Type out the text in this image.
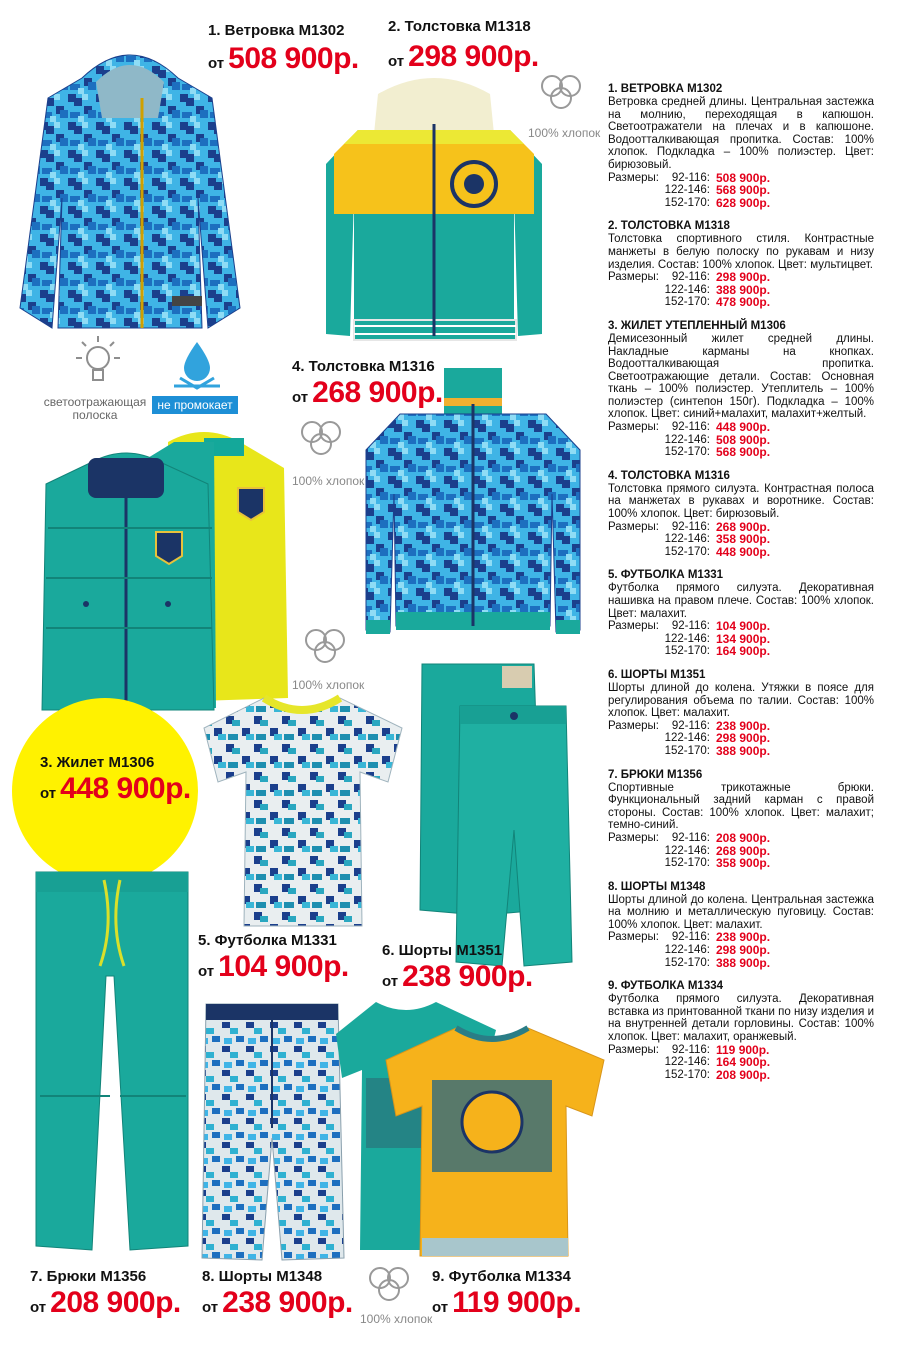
1. Ветровка М1302
от 508 900р.
2. Толстовка М1318
от 298 900р.
100% хлопок
светоотражающая полоска
не промокает
4. Толстовка М1316
от 268 900р.
100% хлопок
3. Жилет М1306
от 448 900р.
100% хлопок
5. Футболка М1331
от 104 900р. 6. Шорты М1351
от 238 900р.
7. Брюки М1356
от 208 900р.
8. Шорты М1348
от 238 900р. 100% хлопок
9. Футболка М1334
от 119 900р.
1. ВЕТРОВКА М1302

Ветровка средней длины. Центральная застежка на молнию, переходящая в капюшон. Светоотражатели на плечах и в капюшоне. Водоотталкивающая пропитка. Состав: 100% хлопок. Подкладка – 100% полиэстер. Цвет: бирюзовый.

Размеры:	92-116: 508 900р.
122-146: 568 900р.
152-170: 628 900р.
2. ТОЛСТОВКА М1318

Толстовка спортивного стиля. Контрастные манжеты в белую полоску по рукавам и низу изделия. Состав: 100% хлопок. Цвет: мультицвет.

Размеры:	92-116: 298 900р.
122-146: 388 900р.
152-170: 478 900р.
3. ЖИЛЕТ УТЕПЛЕННЫЙ М1306

Демисезонный жилет средней длины. Накладные карманы на кнопках. Водоотталкивающая пропитка. Светоотражающие детали. Состав: Основная ткань – 100% полиэстер. Утеплитель – 100% полиэстер (синтепон 150г). Подкладка – 100% хлопок. Цвет: синий+малахит, малахит+желтый.

Размеры:	92-116: 448 900р.
122-146: 508 900р.
152-170: 568 900р.
4. ТОЛСТОВКА М1316

Толстовка прямого силуэта. Контрастная полоса на манжетах в рукавах и воротнике. Состав: 100% хлопок. Цвет: бирюзовый.

Размеры:	92-116: 268 900р.
122-146: 358 900р.
152-170: 448 900р.
5. ФУТБОЛКА М1331

Футболка прямого силуэта. Декоративная нашивка на правом плече. Состав: 100% хлопок. Цвет: малахит.

Размеры:	92-116: 104 900р.
122-146: 134 900р.
152-170: 164 900р.
6. ШОРТЫ М1351

Шорты длиной до колена. Утяжки в поясе для регулирования объема по талии. Состав: 100% хлопок. Цвет: малахит.

Размеры:	92-116: 238 900р.
122-146: 298 900р.
152-170: 388 900р.
7. БРЮКИ М1356

Спортивные трикотажные брюки. Функциональный задний карман с правой стороны. Состав: 100% хлопок. Цвет: малахит; темно-синий.

Размеры:	92-116: 208 900р.
122-146: 268 900р.
152-170: 358 900р.
8. ШОРТЫ М1348

Шорты длиной до колена. Центральная застежка на молнию и металлическую пуговицу. Состав: 100% хлопок. Цвет: малахит.

Размеры:	92-116: 238 900р.
122-146: 298 900р.
152-170: 388 900р.
9. ФУТБОЛКА М1334

Футболка прямого силуэта. Декоративная вставка из принтованной ткани по низу изделия и на внутренней детали горловины. Состав: 100% хлопок. Цвет: малахит, оранжевый.

Размеры:	92-116: 119 900р.
122-146: 164 900р.
152-170: 208 900р.
